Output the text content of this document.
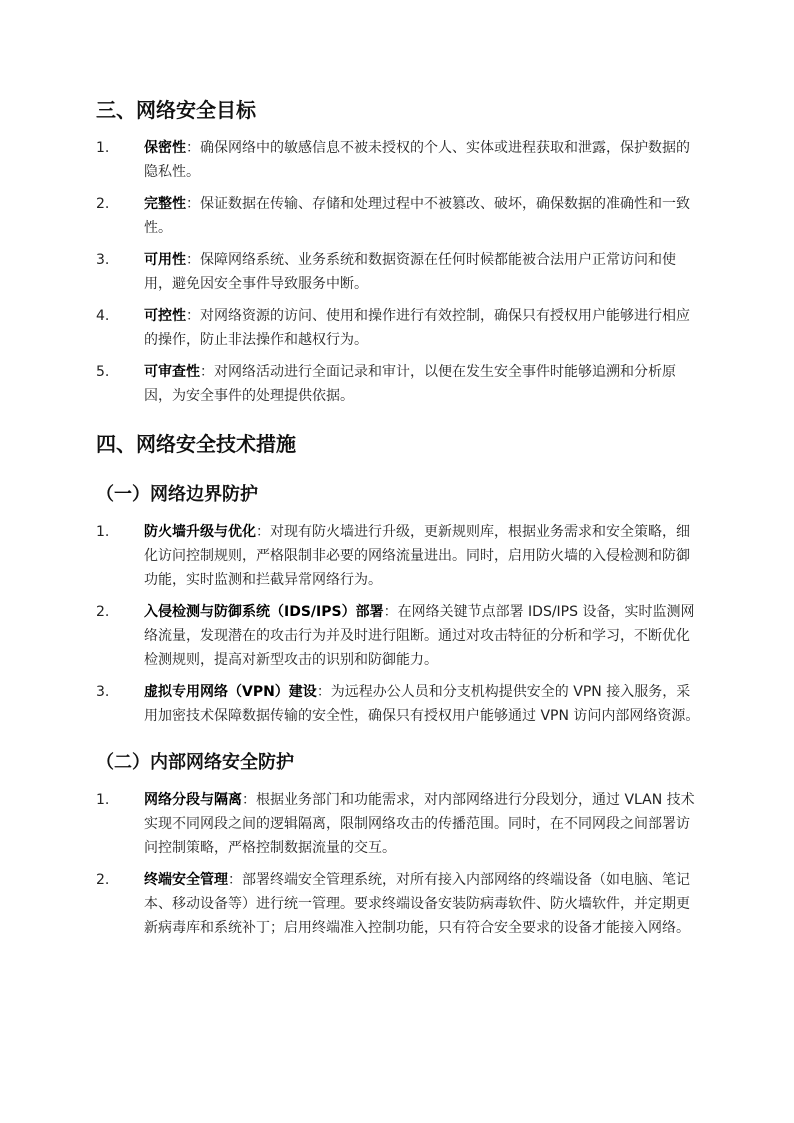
三、网络安全目标
1.	保密性：确保网络中的敏感信息不被未授权的个人、实体或进程获取和泄露，保护数据的隐私性。
2.	完整性：保证数据在传输、存储和处理过程中不被篡改、破坏，确保数据的准确性和一致性。
3.	可用性：保障网络系统、业务系统和数据资源在任何时候都能被合法用户正常访问和使用，避免因安全事件导致服务中断。
4.	可控性：对网络资源的访问、使用和操作进行有效控制，确保只有授权用户能够进行相应的操作，防止非法操作和越权行为。
5.	可审查性：对网络活动进行全面记录和审计，以便在发生安全事件时能够追溯和分析原因，为安全事件的处理提供依据。
四、网络安全技术措施
（一）网络边界防护
1.	防火墙升级与优化：对现有防火墙进行升级，更新规则库，根据业务需求和安全策略，细化访问控制规则，严格限制非必要的网络流量进出。同时，启用防火墙的入侵检测和防御功能，实时监测和拦截异常网络行为。
2.	入侵检测与防御系统（IDS/IPS）部署：在网络关键节点部署 IDS/IPS 设备，实时监测网络流量，发现潜在的攻击行为并及时进行阻断。通过对攻击特征的分析和学习，不断优化检测规则，提高对新型攻击的识别和防御能力。
3.	虚拟专用网络（VPN）建设：为远程办公人员和分支机构提供安全的 VPN 接入服务，采用加密技术保障数据传输的安全性，确保只有授权用户能够通过 VPN 访问内部网络资源。
（二）内部网络安全防护
1.	网络分段与隔离：根据业务部门和功能需求，对内部网络进行分段划分，通过 VLAN 技术实现不同网段之间的逻辑隔离，限制网络攻击的传播范围。同时，在不同网段之间部署访问控制策略，严格控制数据流量的交互。
2.	终端安全管理：部署终端安全管理系统，对所有接入内部网络的终端设备（如电脑、笔记本、移动设备等）进行统一管理。要求终端设备安装防病毒软件、防火墙软件，并定期更新病毒库和系统补丁；启用终端准入控制功能，只有符合安全要求的设备才能接入网络。
